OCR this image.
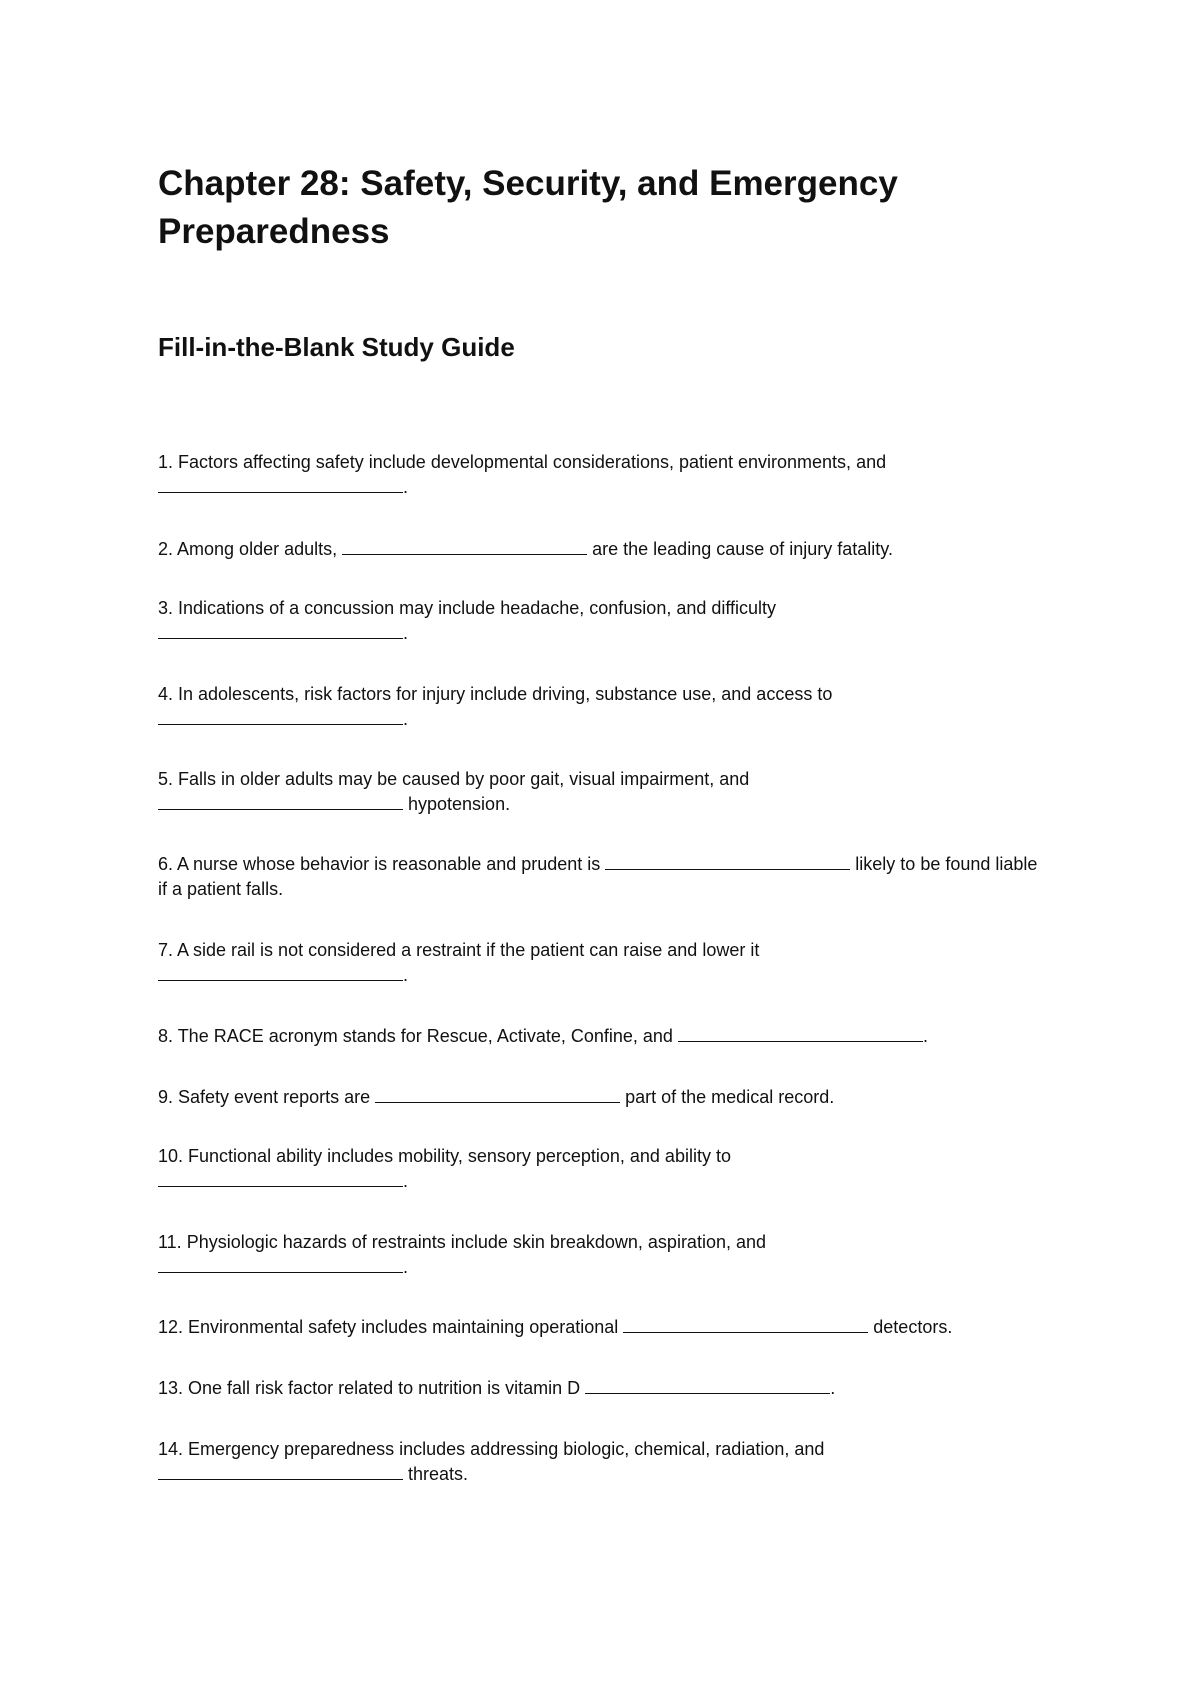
Chapter 28: Safety, Security, and Emergency Preparedness
Fill-in-the-Blank Study Guide

1. Factors affecting safety include developmental considerations, patient environments, and
.

2. Among older adults,	are the leading cause of injury fatality.

3. Indications of a concussion may include headache, confusion, and difficulty
.

4. In adolescents, risk factors for injury include driving, substance use, and access to
.

5. Falls in older adults may be caused by poor gait, visual impairment, and
hypotension.

6. A nurse whose behavior is reasonable and prudent is	likely to be found liable if a patient falls.

7. A side rail is not considered a restraint if the patient can raise and lower it
.

8. The RACE acronym stands for Rescue, Activate, Confine, and	.

9. Safety event reports are	part of the medical record.

10. Functional ability includes mobility, sensory perception, and ability to
.

11. Physiologic hazards of restraints include skin breakdown, aspiration, and
.

12. Environmental safety includes maintaining operational	detectors.

13. One fall risk factor related to nutrition is vitamin D	.

14. Emergency preparedness includes addressing biologic, chemical, radiation, and
threats.
